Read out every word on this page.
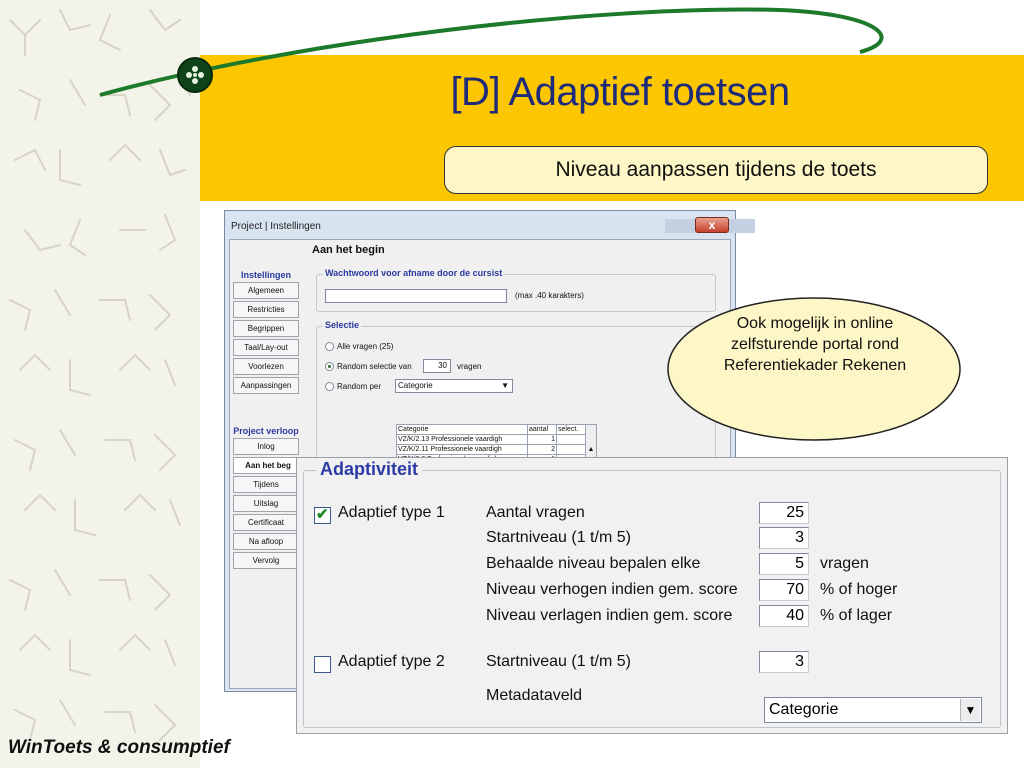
[D] Adaptief toetsen
Niveau aanpassen tijdens de toets
Project | Instellingen	x
Aan het begin
Instellingen
Algemeen
Restricties
Begrippen
Taal/Lay-out
Voorlezen
Aanpassingen
Project verloop
Inlog
Aan het beg
Tijdens
Uitslag
Certificaat
Na afloop
Vervolg
Wachtwoord voor afname door de cursist
(max .40 karakters)
Selectie
Alle vragen (25)
Random selectie van	30	vragen
Random per	Categorie	▼
Categorie	aantal	select.	▲
VZ/K/2.13 Professionele vaardigh	1		
VZ/K/2.11 Professionele vaardigh	2		

Adaptiviteit
✔ Adaptief type 1	Aantal vragen	25
Startniveau (1 t/m 5)	3
Behaalde niveau bepalen elke	5	vragen
Niveau verhogen indien gem. score	70	% of hoger
Niveau verlagen indien gem. score	40	% of lager
Adaptief type 2	Startniveau (1 t/m 5)	3
Metadataveld
Categorie	▼
Ook mogelijk in online zelfsturende portal rond Referentiekader Rekenen
WinToets & consumptief
